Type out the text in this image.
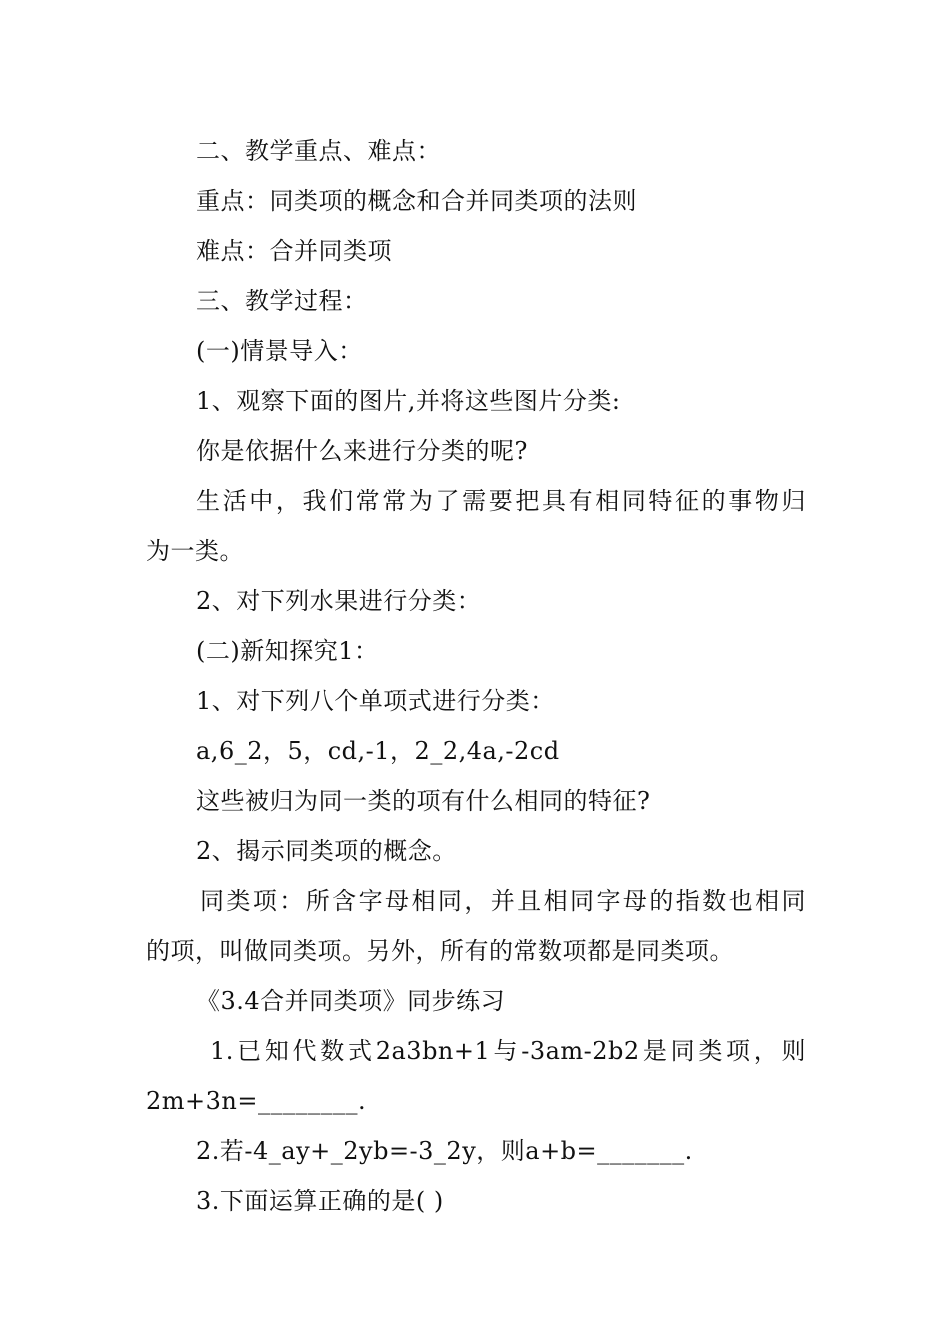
二、教学重点、难点：
重点：同类项的概念和合并同类项的法则
难点：合并同类项
三、教学过程：
(一)情景导入：
1、观察下面的图片,并将这些图片分类:
你是依据什么来进行分类的呢?
生活中，我们常常为了需要把具有相同特征的事物归
为一类。
2、对下列水果进行分类：
(二)新知探究1：
1、对下列八个单项式进行分类：
a,6_2，5，cd,-1，2_2,4a,-2cd
这些被归为同一类的项有什么相同的特征?
2、揭示同类项的概念。
同类项：所含字母相同，并且相同字母的指数也相同
的项，叫做同类项。另外，所有的常数项都是同类项。
《3.4合并同类项》同步练习
1.已知代数式2a3bn+1与-3am-2b2是同类项，则
2m+3n=________.
2.若-4_ay+_2yb=-3_2y，则a+b=_______.
3.下面运算正确的是( )
